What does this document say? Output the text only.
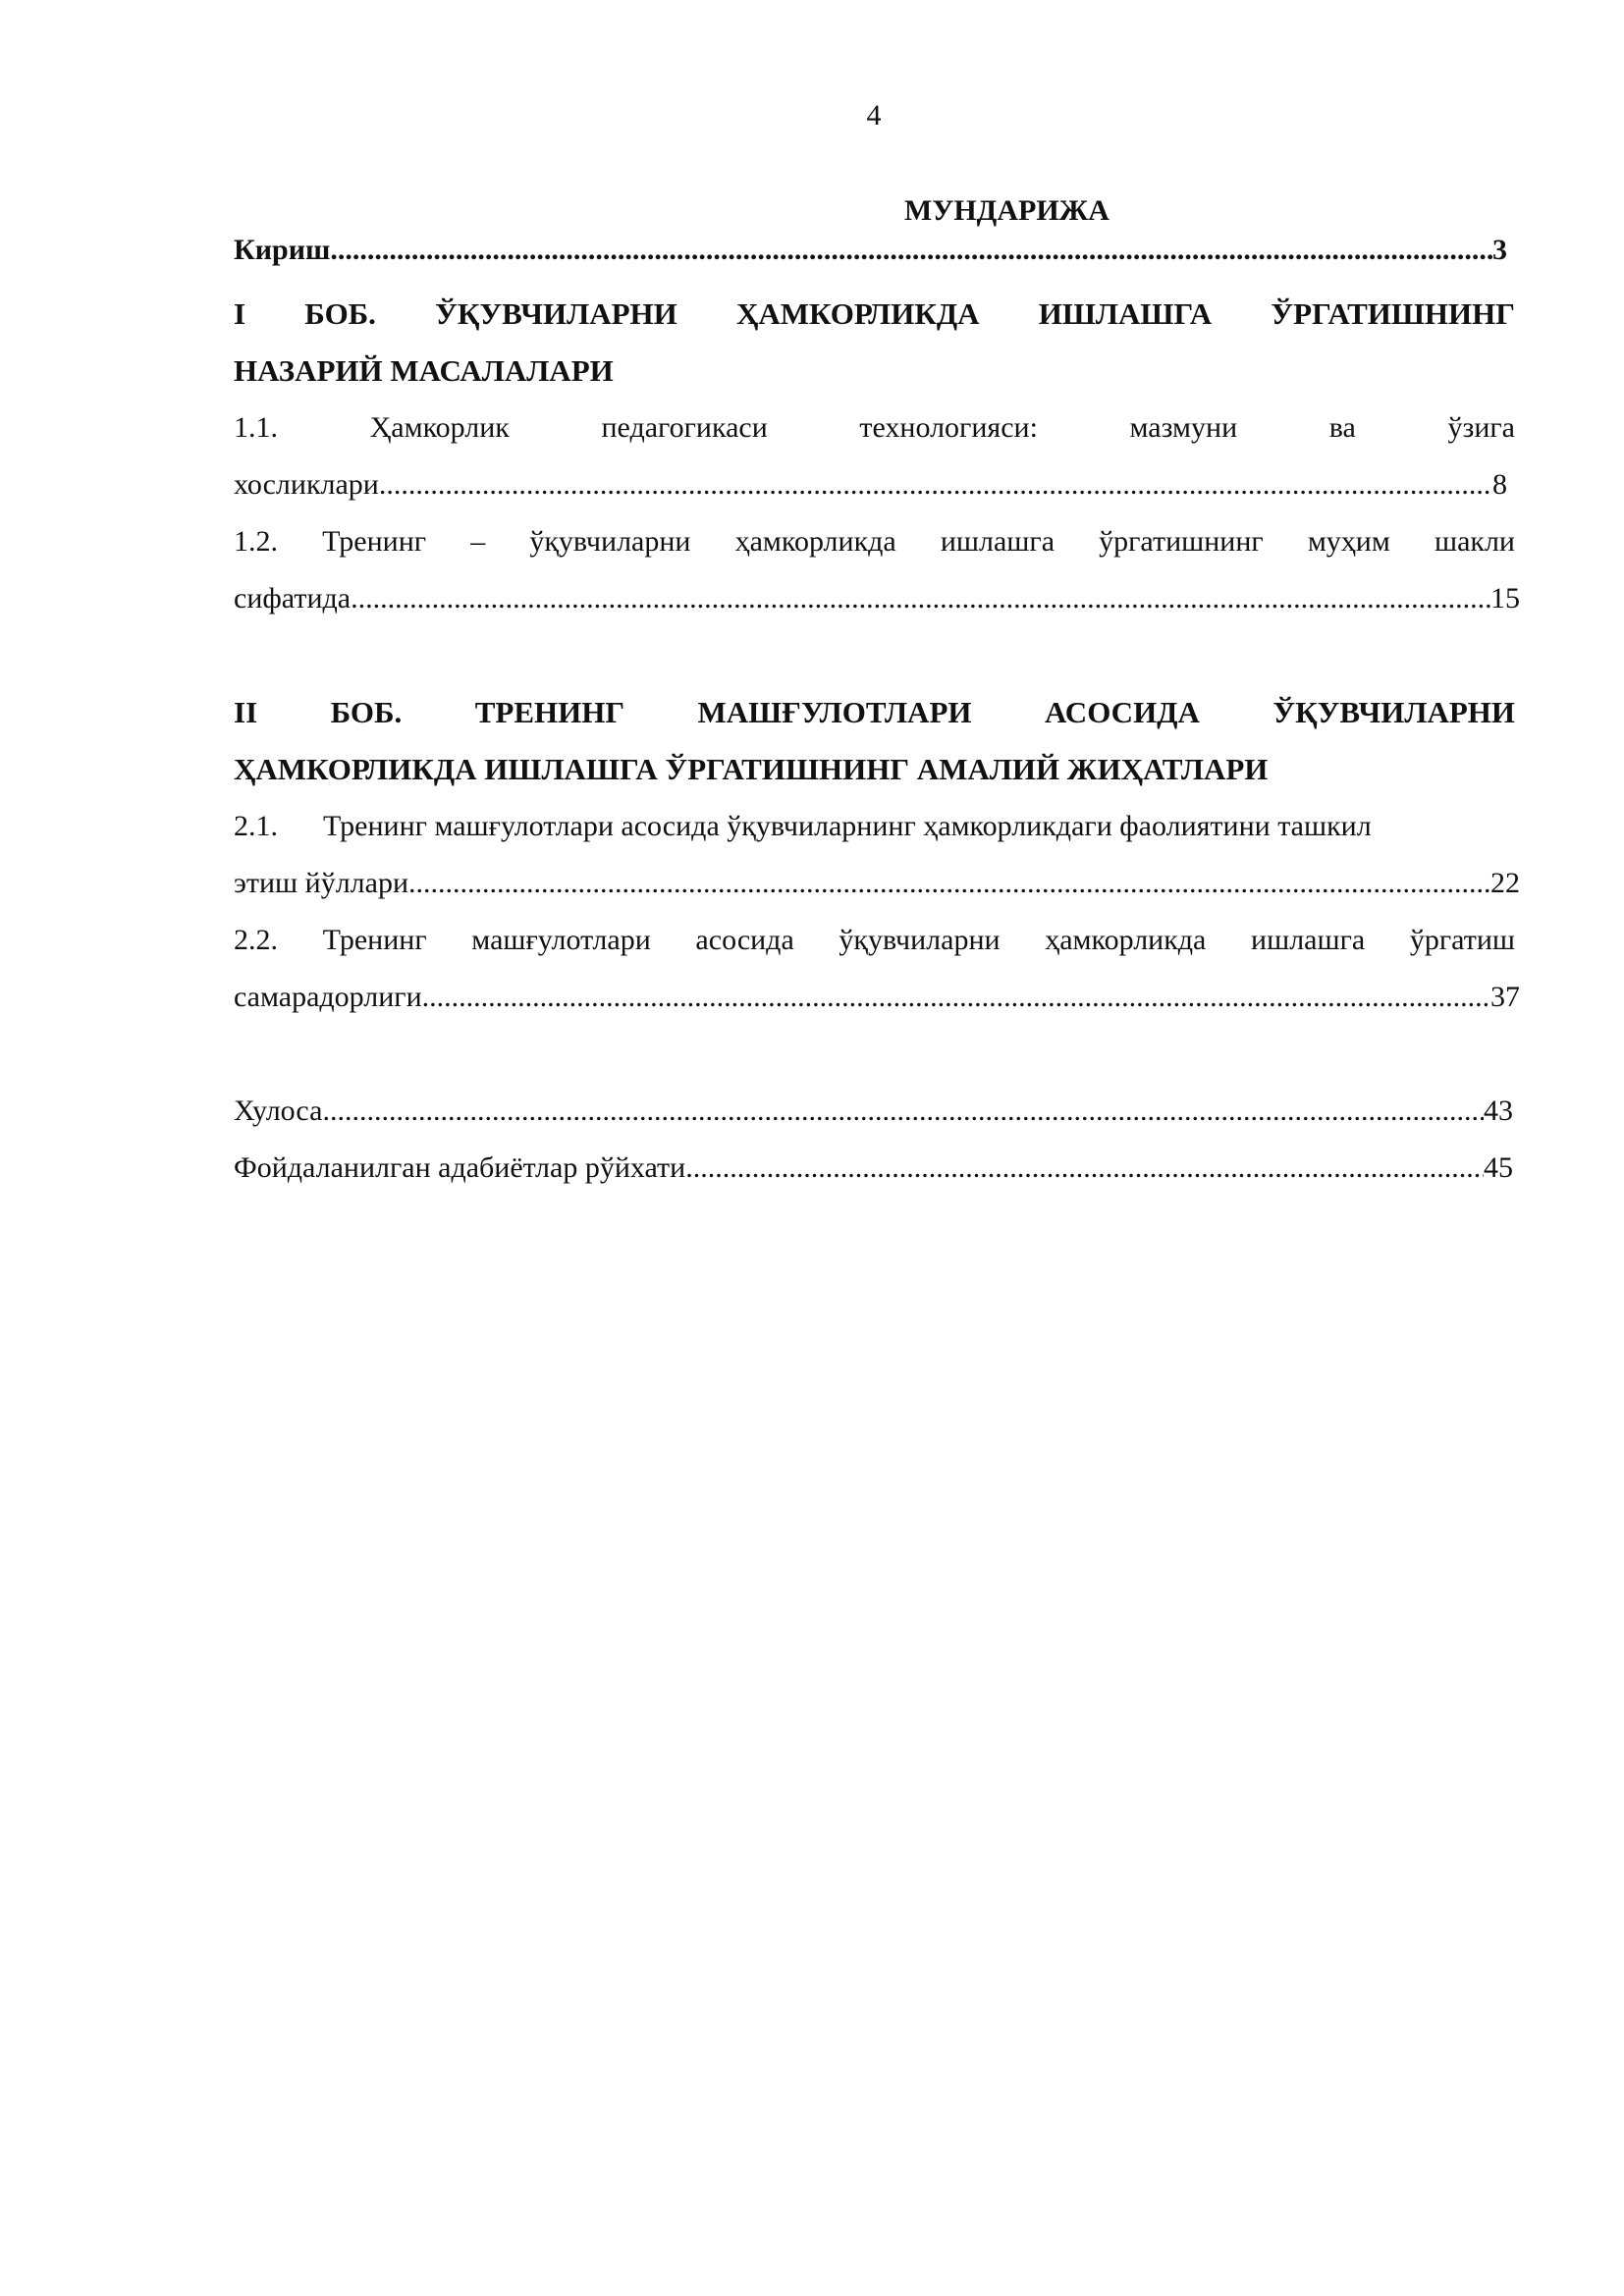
4
МУНДАРИЖА
Кириш .....	3
I БОБ. ЎҚУВЧИЛАРНИ ҲАМКОРЛИКДА ИШЛАШГА ЎРГАТИШНИНГ
НАЗАРИЙ МАСАЛАЛАРИ
1.1. Ҳамкорлик педагогикаси технологияси: мазмуни ва ўзига
хосликлари .....	8
1.2. Тренинг – ўқувчиларни ҳамкорликда ишлашга ўргатишнинг муҳим шакли
сифатида .....	15
II БОБ. ТРЕНИНГ МАШҒУЛОТЛАРИ АСОСИДА ЎҚУВЧИЛАРНИ
ҲАМКОРЛИКДА ИШЛАШГА ЎРГАТИШНИНГ АМАЛИЙ ЖИҲАТЛАРИ
2.1. Тренинг машғулотлари асосида ўқувчиларнинг ҳамкорликдаги фаолиятини ташкил
этиш йўллари .....	22
2.2. Тренинг машғулотлари асосида ўқувчиларни ҳамкорликда ишлашга ўргатиш
самарадорлиги .....	37
Хулоса .....	43
Фойдаланилган адабиётлар рўйхати .....	45
